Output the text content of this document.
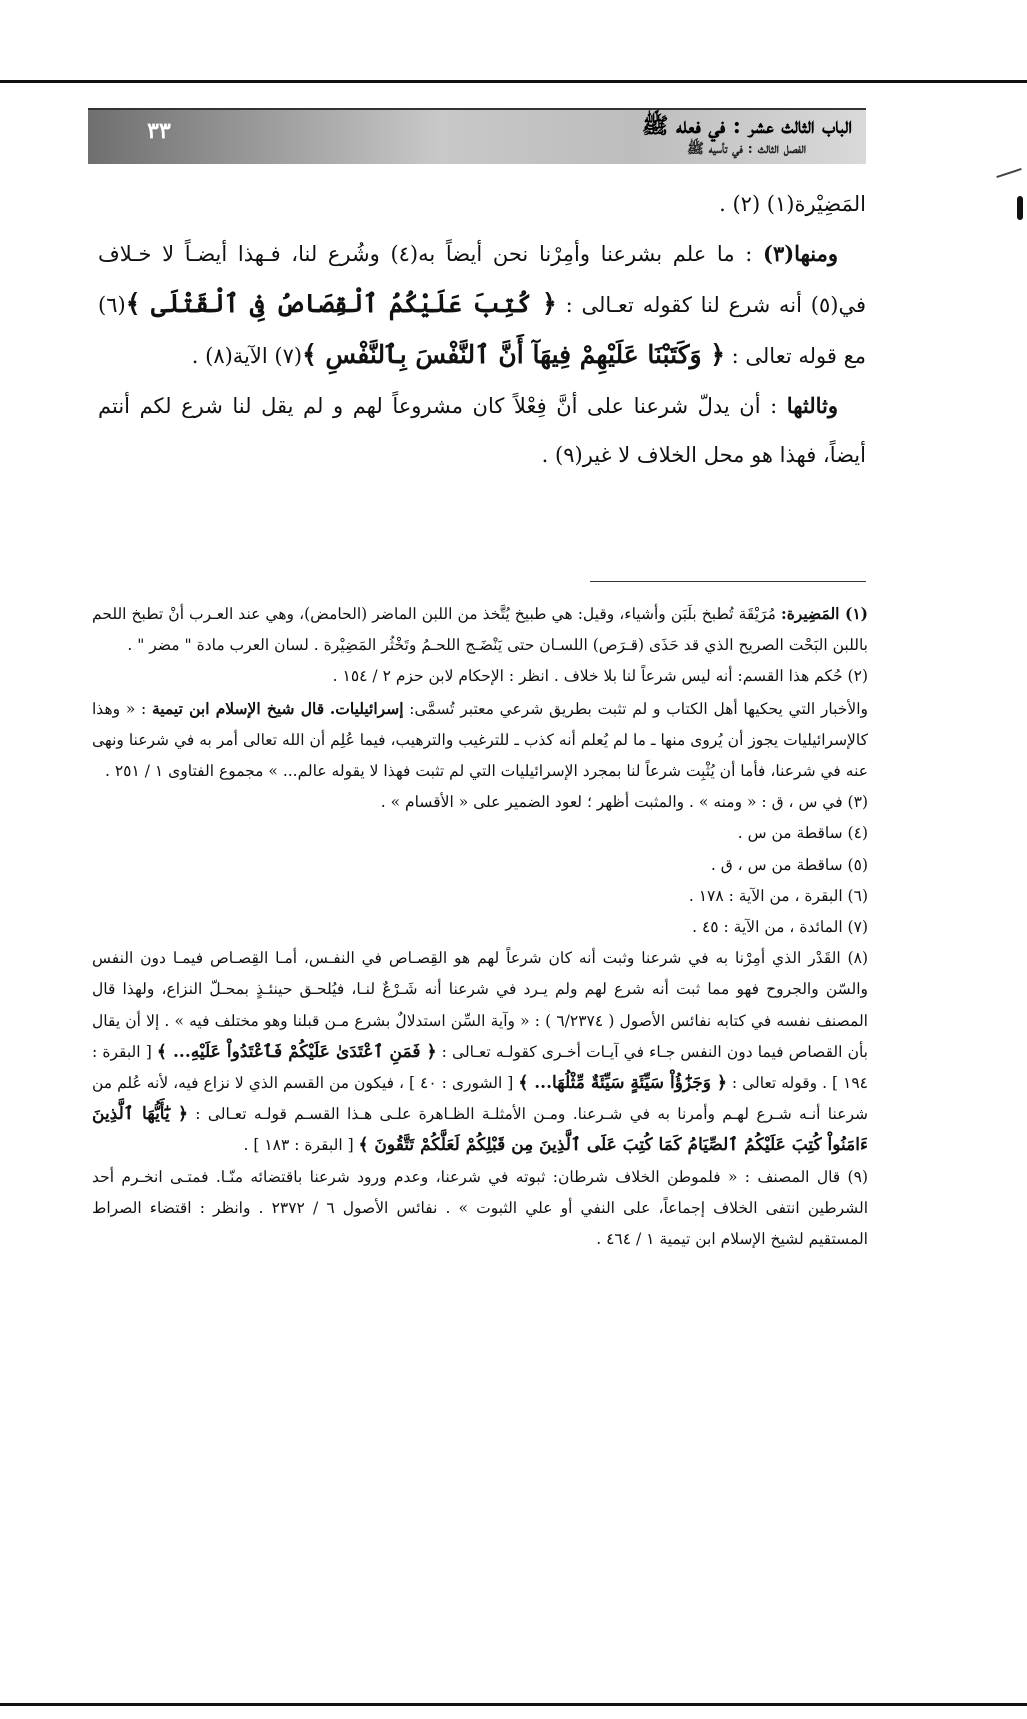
٣٣	الباب الثالث عشر : في فعله ﷺ
الفصل الثالث : في تأسيه ﷺ

المَضِيْرة(١) (٢) .

ومنها(٣) : ما علم بشرعنا وأمِرْنا نحن أيضاً به(٤) وشُرع لنا، فـهذا أيضـاً لا خـلاف في(٥) أنه شرع لنا كقوله تعـالى : ﴿ كُتِبَ عَلَيْكُمُ ٱلْقِصَاصُ فِى ٱلْقَتْلَى ﴾(٦) مع قوله تعالى : ﴿ وَكَتَبْنَا عَلَيْهِمْ فِيهَآ أَنَّ ٱلنَّفْسَ بِٱلنَّفْسِ ﴾(٧) الآية(٨) .

وثالثها : أن يدلّ شرعنا على أنَّ فِعْلاً كان مشروعاً لهم و لم يقل لنا شرع لكم أنتم أيضاً، فهذا هو محل الخلاف لا غير(٩) .

(١) المَضِيرة: مُرَيْقَة تُطبخ بلَبَن وأشياء، وقيل: هي طبيخ يُتَّخذ من اللبن الماضر (الحامض)، وهي عند العـرب أنْ تطبخ اللحم باللبن البَحْت الصريح الذي قد حَذَى (قـرَص) اللسـان حتى يَنْضَـج اللحـمُ وتَخْثُر المَضِيْرة . لسان العرب مادة " مضر " .

(٢) حُكم هذا القسم: أنه ليس شرعاً لنا بلا خلاف . انظر : الإحكام لابن حزم ٢ / ١٥٤ .

والأخبار التي يحكيها أهل الكتاب و لم تثبت بطريق شرعي معتبر تُسمَّى: إسرائيليات. قال شيخ الإسلام ابن تيمية : « وهذا كالإسرائيليات يجوز أن يُروى منها ـ ما لم يُعلم أنه كذب ـ للترغيب والترهيب، فيما عُلِم أن الله تعالى أمر به في شرعنا ونهى عنه في شرعنا، فأما أن يُثْبِت شرعاً لنا بمجرد الإسرائيليات التي لم تثبت فهذا لا يقوله عالم... » مجموع الفتاوى ١ / ٢٥١ .

(٣) في س ، ق : « ومنه » . والمثبت أظهر ؛ لعود الضمير على « الأقسام » .

(٤) ساقطة من س .

(٥) ساقطة من س ، ق .

(٦) البقرة ، من الآية : ١٧٨ .

(٧) المائدة ، من الآية : ٤٥ .

(٨) القَدْر الذي أمِرْنا به في شرعنا وثبت أنه كان شرعاً لهم هو القِصـاص في النفـس، أمـا القِصـاص فيمـا دون النفس والسّن والجروح فهو مما ثبت أنه شرع لهم ولم يـرد في شرعنا أنه شَـرْعٌ لنـا، فيُلحـق حينئـذٍ بمحـلّ النزاع، ولهذا قال المصنف نفسه في كتابه نفائس الأصول ( ٦/٢٣٧٤ ) : « وآية السِّن استدلالٌ بشرع مـن قبلنا وهو مختلف فيه » . إلا أن يقال بأن القصاص فيما دون النفس جـاء في آيـات أخـرى كقولـه تعـالى : ﴿ فَمَنِ ٱعْتَدَىٰ عَلَيْكُمْ فَٱعْتَدُواْ عَلَيْهِ... ﴾ [ البقرة : ١٩٤ ] . وقوله تعالى : ﴿ وَجَزَٰٓؤُاْ سَيِّئَةٍ سَيِّئَةٌ مِّثْلُهَا... ﴾ [ الشورى : ٤٠ ] ، فيكون من القسم الذي لا نزاع فيه، لأنه عُلم من شرعنا أنـه شـرع لهـم وأمرنا به في شـرعنا. ومـن الأمثلـة الظـاهرة علـى هـذا القسـم قولـه تعـالى : ﴿ يَٰٓأَيُّهَا ٱلَّذِينَ ءَامَنُواْ كُتِبَ عَلَيْكُمُ ٱلصِّيَامُ كَمَا كُتِبَ عَلَى ٱلَّذِينَ مِن قَبْلِكُمْ لَعَلَّكُمْ تَتَّقُونَ ﴾ [ البقرة : ١٨٣ ] .

(٩) قال المصنف : « فلموطن الخلاف شرطان: ثبوته في شرعنا، وعدم ورود شرعنا باقتضائه منّـا. فمتـى انخـرم أحد الشرطين انتفى الخلاف إجماعاً، على النفي أو علي الثبوت » . نفائس الأصول ٦ / ٢٣٧٢ . وانظر : اقتضاء الصراط المستقيم لشيخ الإسلام ابن تيمية ١ / ٤٦٤ .
